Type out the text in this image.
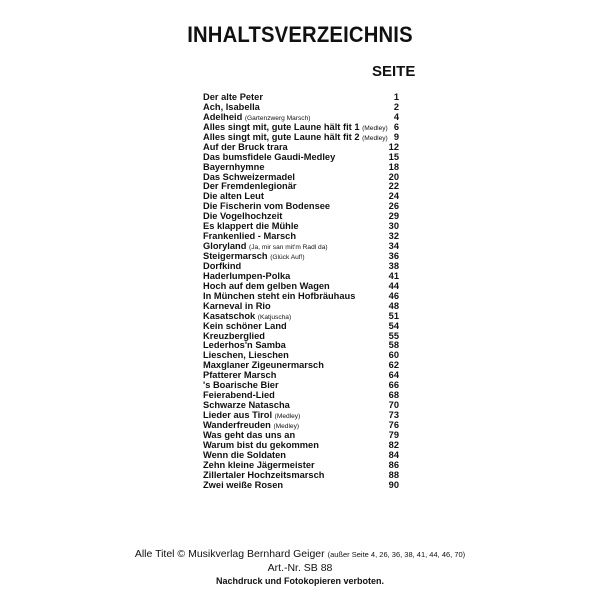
INHALTSVERZEICHNIS
SEITE
Der alte Peter	1
Ach, Isabella	2
Adelheid (Gartenzwerg Marsch)	4
Alles singt mit, gute Laune hält fit 1 (Medley) 6
Alles singt mit, gute Laune hält fit 2 (Medley) 9
Auf der Bruck trara	12
Das bumsfidele Gaudi-Medley	15
Bayernhymne	18
Das Schweizermadel	20
Der Fremdenlegionär	22
Die alten Leut	24
Die Fischerin vom Bodensee	26
Die Vogelhochzeit	29
Es klappert die Mühle	30
Frankenlied - Marsch	32
Gloryland (Ja, mir san mit'm Radl da)	34
Steigermarsch (Glück Auf!)	36
Dorfkind	38
Haderlumpen-Polka	41
Hoch auf dem gelben Wagen	44
In München steht ein Hofbräuhaus	46
Karneval in Rio	48
Kasatschok (Katjuscha)	51
Kein schöner Land	54
Kreuzberglied	55
Lederhos'n Samba	58
Lieschen, Lieschen	60
Maxglaner Zigeunermarsch	62
Pfatterer Marsch	64
's Boarische Bier	66
Feierabend-Lied	68
Schwarze Natascha	70
Lieder aus Tirol (Medley)	73
Wanderfreuden (Medley)	76
Was geht das uns an	79
Warum bist du gekommen	82
Wenn die Soldaten	84
Zehn kleine Jägermeister	86
Zillertaler Hochzeitsmarsch	88
Zwei weiße Rosen	90
Alle Titel © Musikverlag Bernhard Geiger (außer Seite 4, 26, 36, 38, 41, 44, 46, 70)
Art.-Nr. SB 88
Nachdruck und Fotokopieren verboten.
